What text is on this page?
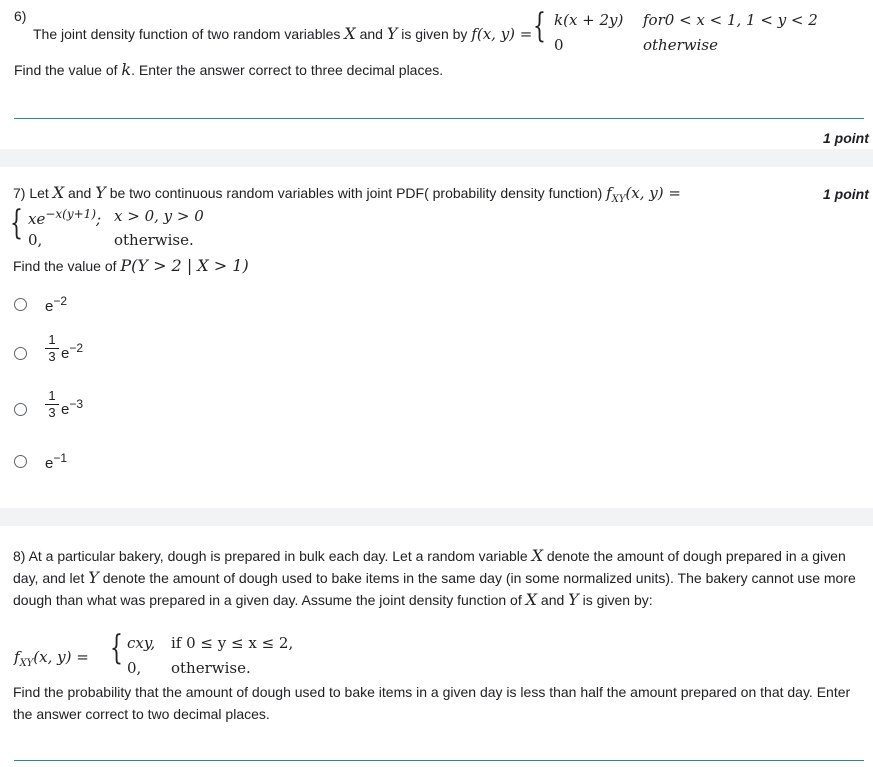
6)
The joint density function of two random variables X and Y is given by f(x, y) = { k(x + 2y) for0 < x < 1, 1 < y < 2
0	otherwise
Find the value of k. Enter the answer correct to three decimal places.
1 point
7) Let X and Y be two continuous random variables with joint PDF( probability density function) $f_{XY}(x$, y) =	1 point
{ $xe^{-x(y+1)}$; x > 0, y > 0
0,	otherwise.
Find the value of P(Y > 2 | X > 1)
$e^{-2}$
1
3 $e^{-2}$
1
3 $e^{-3}$
$e^{-1}$

8) At a particular bakery, dough is prepared in bulk each day. Let a random variable X denote the amount of dough prepared in a given

day, and let Y denote the amount of dough used to bake items in the same day (in some normalized units). The bakery cannot use more

dough than what was prepared in a given day. Assume the joint density function of X and Y is given by:

$f_{XY}(x$, y) = { cxy, if 0 ≤ y ≤ x ≤ 2,
0, otherwise.

Find the probability that the amount of dough used to bake items in a given day is less than half the amount prepared on that day. Enter

the answer correct to two decimal places.
